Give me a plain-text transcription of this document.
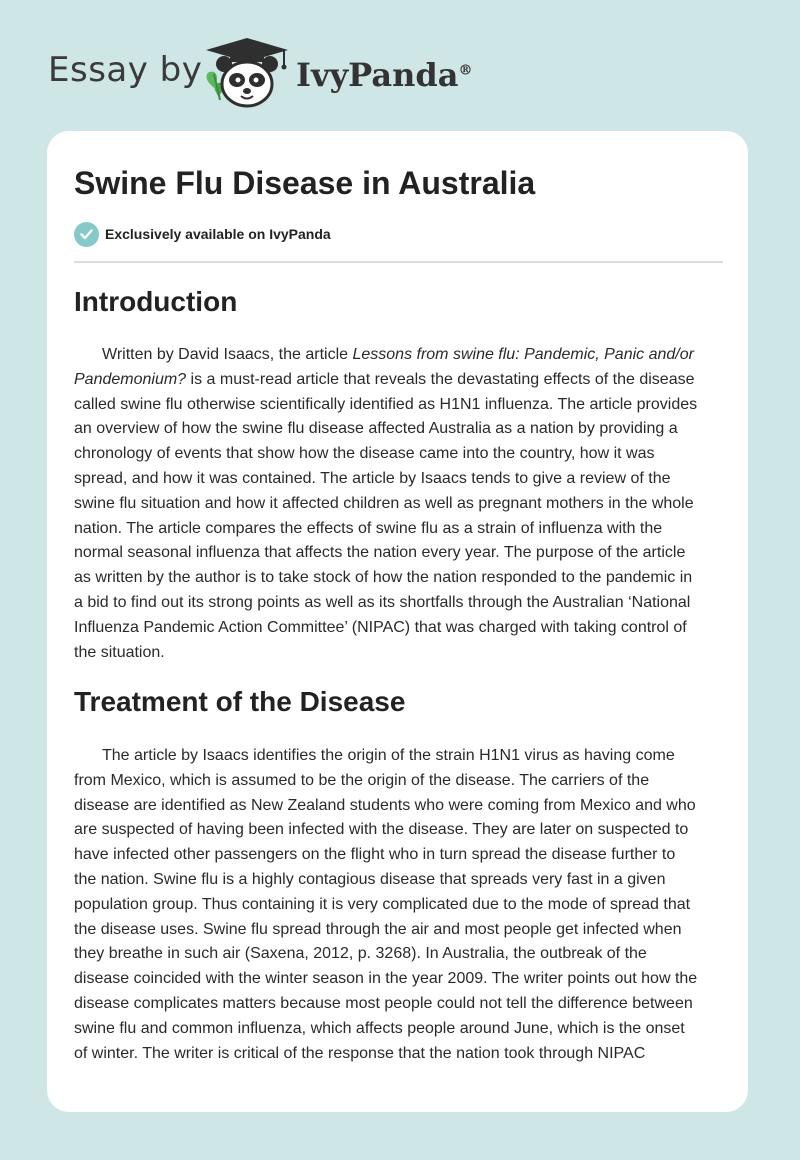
Essay by	IvyPanda®
Swine Flu Disease in Australia
Exclusively available on IvyPanda
Introduction
Written by David Isaacs, the article Lessons from swine flu: Pandemic, Panic and/or
Pandemonium? is a must-read article that reveals the devastating effects of the disease
called swine flu otherwise scientifically identified as H1N1 influenza. The article provides
an overview of how the swine flu disease affected Australia as a nation by providing a
chronology of events that show how the disease came into the country, how it was
spread, and how it was contained. The article by Isaacs tends to give a review of the
swine flu situation and how it affected children as well as pregnant mothers in the whole
nation. The article compares the effects of swine flu as a strain of influenza with the
normal seasonal influenza that affects the nation every year. The purpose of the article
as written by the author is to take stock of how the nation responded to the pandemic in
a bid to find out its strong points as well as its shortfalls through the Australian ‘National
Influenza Pandemic Action Committee’ (NIPAC) that was charged with taking control of
the situation.
Treatment of the Disease
The article by Isaacs identifies the origin of the strain H1N1 virus as having come
from Mexico, which is assumed to be the origin of the disease. The carriers of the
disease are identified as New Zealand students who were coming from Mexico and who
are suspected of having been infected with the disease. They are later on suspected to
have infected other passengers on the flight who in turn spread the disease further to
the nation. Swine flu is a highly contagious disease that spreads very fast in a given
population group. Thus containing it is very complicated due to the mode of spread that
the disease uses. Swine flu spread through the air and most people get infected when
they breathe in such air (Saxena, 2012, p. 3268). In Australia, the outbreak of the
disease coincided with the winter season in the year 2009. The writer points out how the
disease complicates matters because most people could not tell the difference between
swine flu and common influenza, which affects people around June, which is the onset
of winter. The writer is critical of the response that the nation took through NIPAC
